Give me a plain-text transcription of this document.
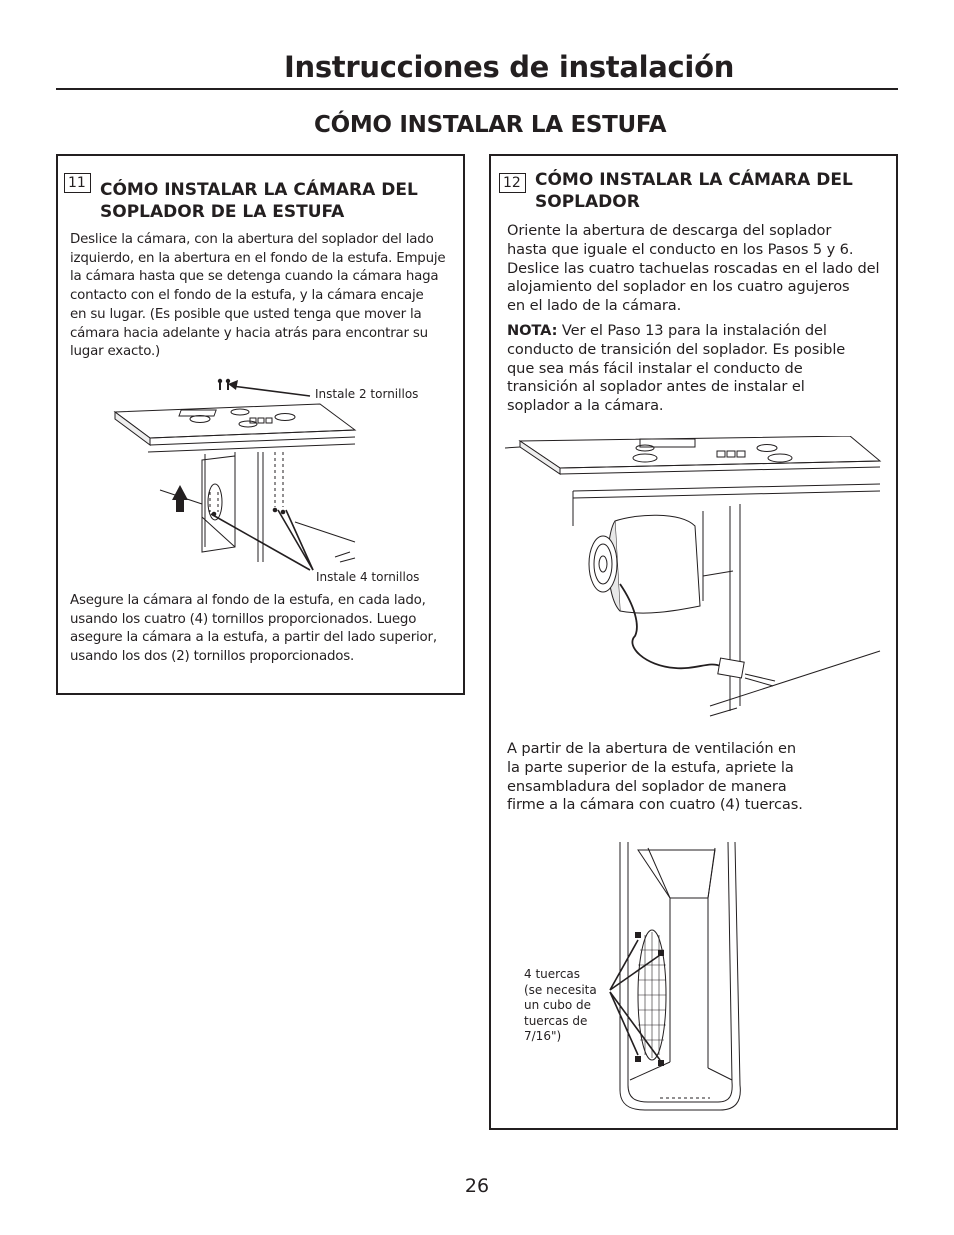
Instrucciones de instalación
CÓMO INSTALAR LA ESTUFA
11 CÓMO INSTALAR LA CÁMARA DEL
SOPLADOR DE LA ESTUFA
Deslice la cámara, con la abertura del soplador del lado
izquierdo, en la abertura en el fondo de la estufa. Empuje
la cámara hasta que se detenga cuando la cámara haga
contacto con el fondo de la estufa, y la cámara encaje
en su lugar. (Es posible que usted tenga que mover la
cámara hacia adelante y hacia atrás para encontrar su
lugar exacto.)
Instale 2 tornillos
Instale 4 tornillos
Asegure la cámara al fondo de la estufa, en cada lado,
usando los cuatro (4) tornillos proporcionados. Luego
asegure la cámara a la estufa, a partir del lado superior,
usando los dos (2) tornillos proporcionados.
12 CÓMO INSTALAR LA CÁMARA DEL
SOPLADOR
Oriente la abertura de descarga del soplador
hasta que iguale el conducto en los Pasos 5 y 6.
Deslice las cuatro tachuelas roscadas en el lado del
alojamiento del soplador en los cuatro agujeros
en el lado de la cámara.
NOTA: Ver el Paso 13 para la instalación del
conducto de transición del soplador. Es posible
que sea más fácil instalar el conducto de
transición al soplador antes de instalar el
soplador a la cámara.
A partir de la abertura de ventilación en
la parte superior de la estufa, apriete la
ensambladura del soplador de manera
firme a la cámara con cuatro (4) tuercas.
4 tuercas
(se necesita
un cubo de
tuercas de
7/16")
26
